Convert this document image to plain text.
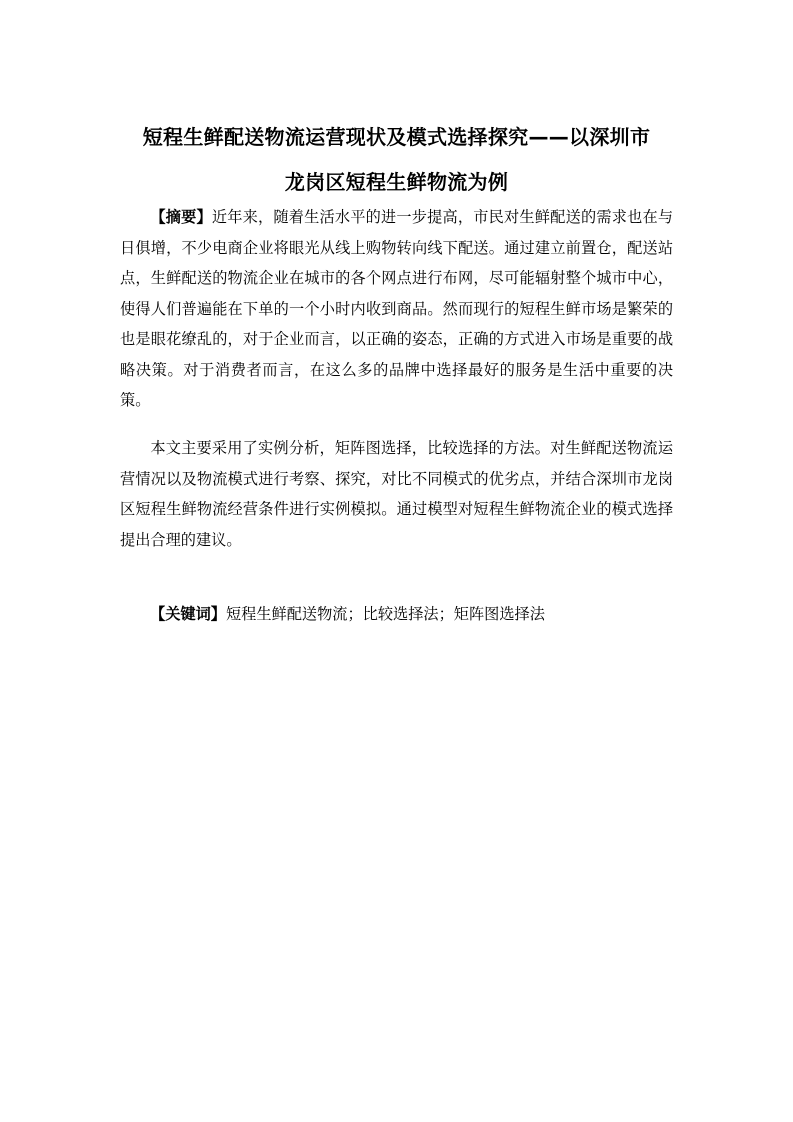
短程生鲜配送物流运营现状及模式选择探究——以深圳市
龙岗区短程生鲜物流为例

【摘要】近年来，随着生活水平的进一步提高，市民对生鲜配送的需求也在与日俱增，不少电商企业将眼光从线上购物转向线下配送。通过建立前置仓，配送站点，生鲜配送的物流企业在城市的各个网点进行布网，尽可能辐射整个城市中心，使得人们普遍能在下单的一个小时内收到商品。然而现行的短程生鲜市场是繁荣的也是眼花缭乱的，对于企业而言，以正确的姿态，正确的方式进入市场是重要的战略决策。对于消费者而言，在这么多的品牌中选择最好的服务是生活中重要的决策。

本文主要采用了实例分析，矩阵图选择，比较选择的方法。对生鲜配送物流运营情况以及物流模式进行考察、探究，对比不同模式的优劣点，并结合深圳市龙岗区短程生鲜物流经营条件进行实例模拟。通过模型对短程生鲜物流企业的模式选择提出合理的建议。

【关键词】短程生鲜配送物流；比较选择法；矩阵图选择法
